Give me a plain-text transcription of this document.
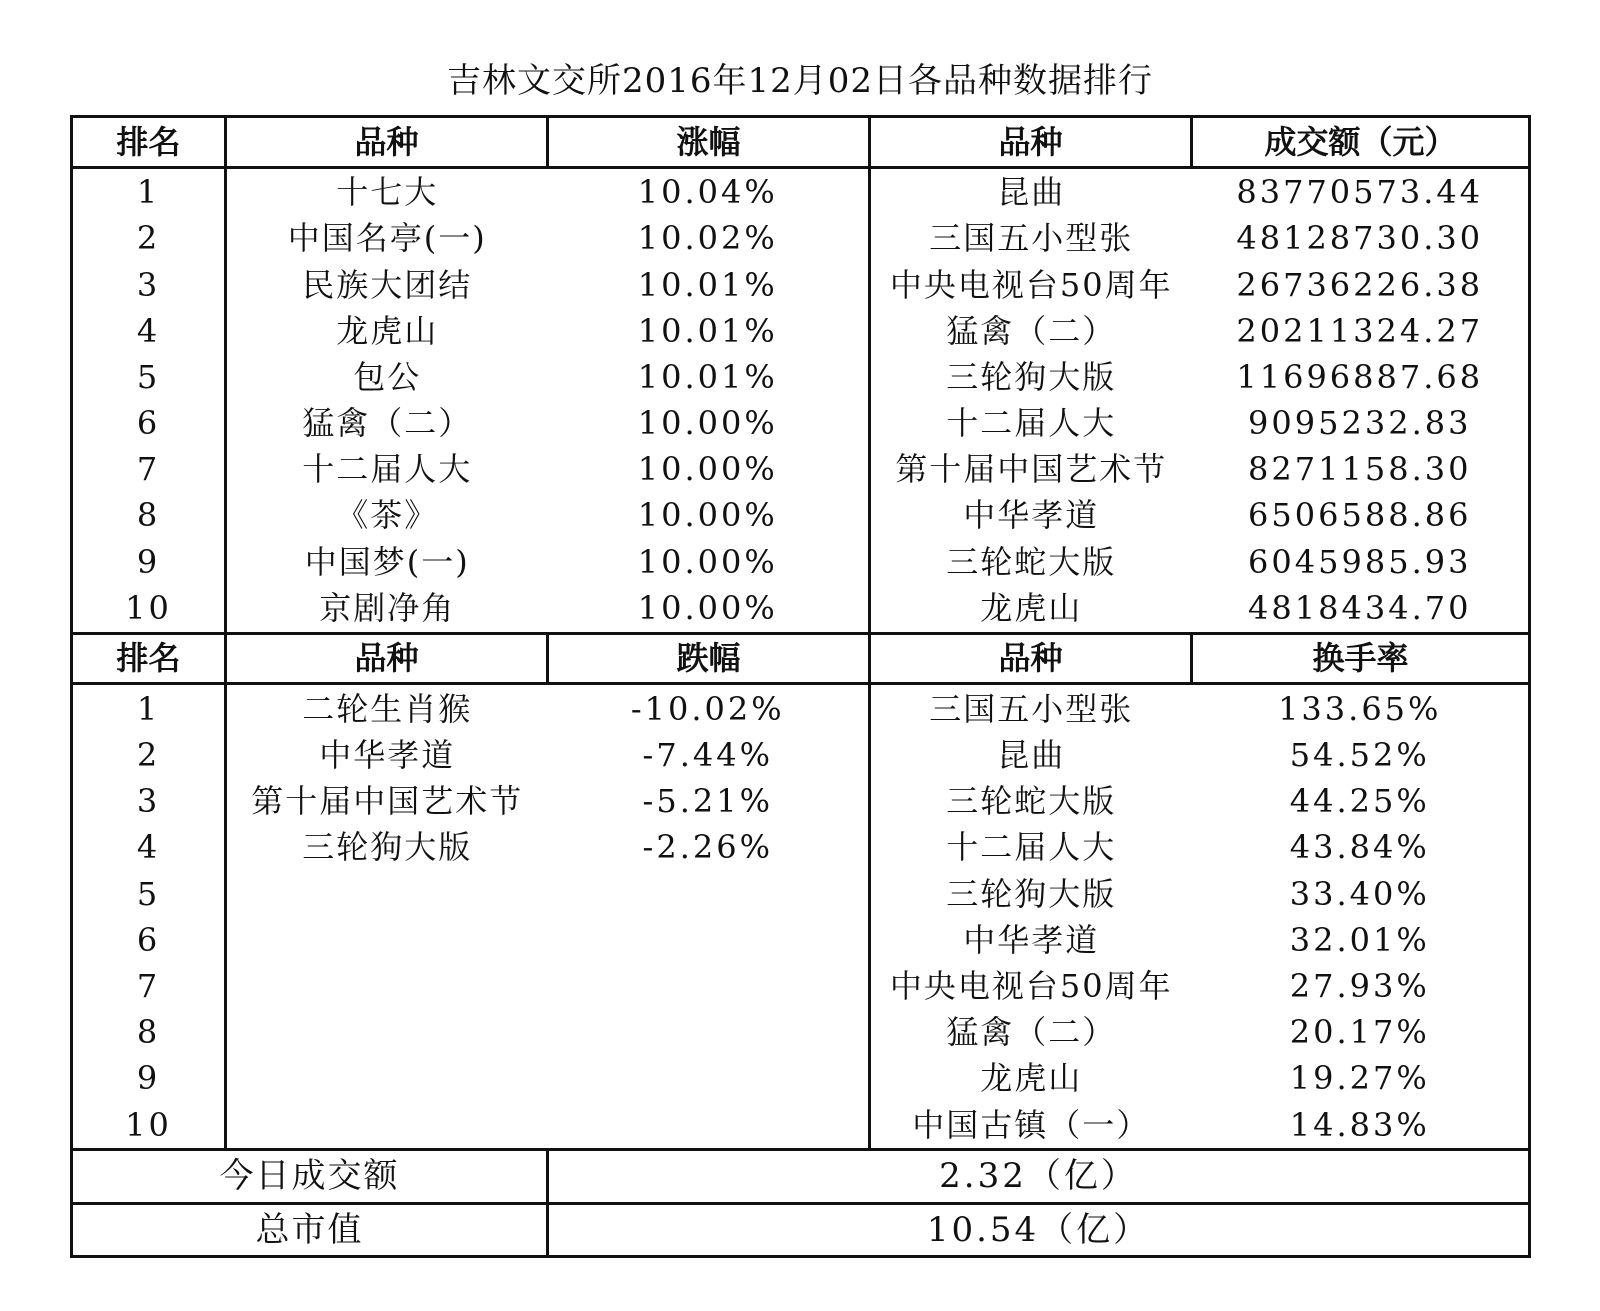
吉林文交所2016年12月02日各品种数据排行
排名	品种	涨幅	品种	成交额（元）
1	十七大	10.04%	昆曲	83770573.44
2	中国名亭(一)	10.02%	三国五小型张	48128730.30
3	民族大团结	10.01%	中央电视台50周年	26736226.38
4	龙虎山	10.01%	猛禽（二）	20211324.27
5	包公	10.01%	三轮狗大版	11696887.68
6	猛禽（二）	10.00%	十二届人大	9095232.83
7	十二届人大	10.00%	第十届中国艺术节	8271158.30
8	《茶》	10.00%	中华孝道	6506588.86
9	中国梦(一)	10.00%	三轮蛇大版	6045985.93
10	京剧净角	10.00%	龙虎山	4818434.70
排名	品种	跌幅	品种	换手率
1	二轮生肖猴	-10.02%	三国五小型张	133.65%
2	中华孝道	-7.44%	昆曲	54.52%
3	第十届中国艺术节	-5.21%	三轮蛇大版	44.25%
4	三轮狗大版	-2.26%	十二届人大	43.84%
5			三轮狗大版	33.40%
6			中华孝道	32.01%
7			中央电视台50周年	27.93%
8			猛禽（二）	20.17%
9			龙虎山	19.27%
10			中国古镇（一）	14.83%
今日成交额		2.32（亿）		
总市值		10.54（亿）		
